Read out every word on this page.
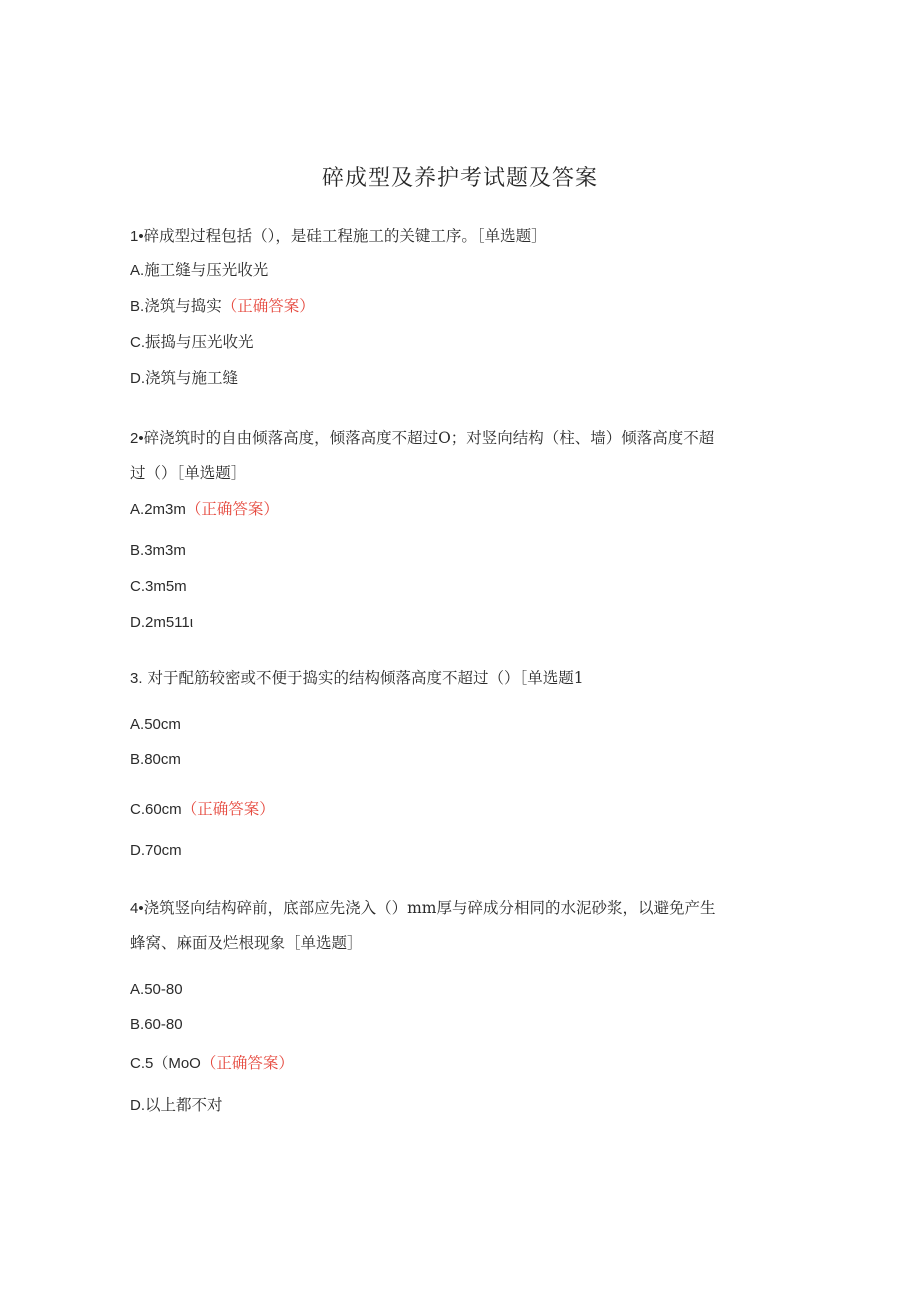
碎成型及养护考试题及答案
1•碎成型过程包括（），是硅工程施工的关键工序。［单选题］
A.施工缝与压光收光
B.浇筑与捣实（正确答案）
C.振捣与压光收光
D.浇筑与施工缝
2•碎浇筑时的自由倾落高度，倾落高度不超过O；对竖向结构（柱、墙）倾落高度不超
过（）［单选题］
A.2m3m（正确答案）
B.3m3m
C.3m5m
D.2m511ι
3. 对于配筋较密或不便于捣实的结构倾落高度不超过（）［单选题1
A.50cm
B.80cm
C.60cm（正确答案）
D.70cm
4•浇筑竖向结构碎前，底部应先浇入（）mm厚与碎成分相同的水泥砂浆，以避免产生
蜂窝、麻面及烂根现象［单选题］
A.50-80
B.60-80
C.5（MoO（正确答案）
D.以上都不对
